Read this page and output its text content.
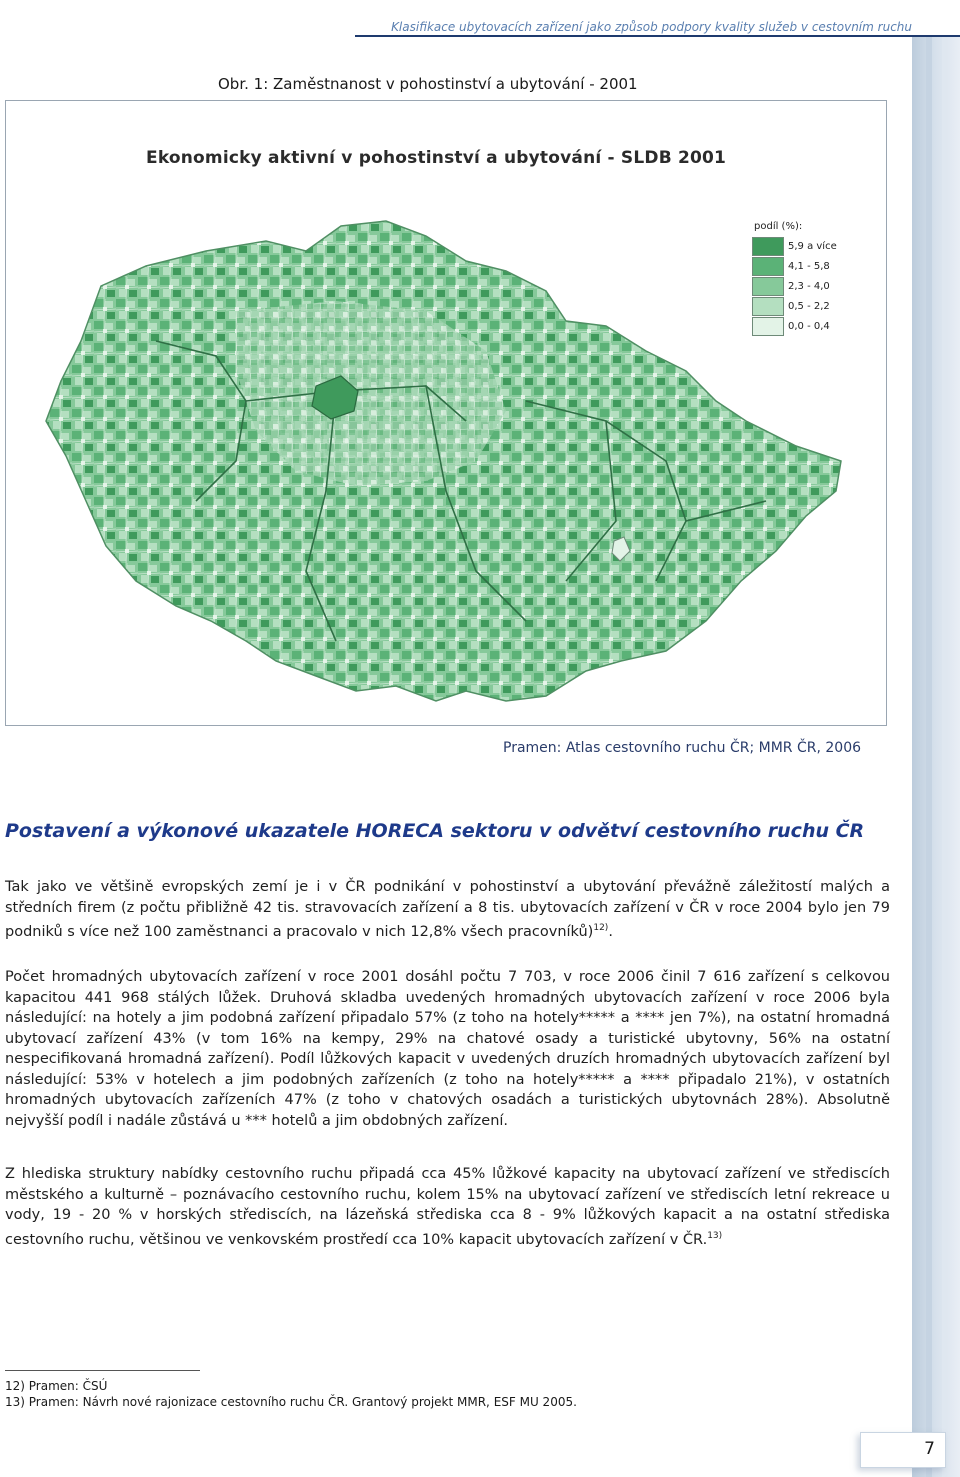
Klasifikace ubytovacích zařízení jako způsob podpory kvality služeb v cestovním ruchu
Obr. 1: Zaměstnanost v pohostinství a ubytování - 2001
Ekonomicky aktivní v pohostinství a ubytování - SLDB 2001
podíl (%):
5,9 a více
4,1 - 5,8
2,3 - 4,0
0,5 - 2,2
0,0 - 0,4
Pramen: Atlas cestovního ruchu ČR; MMR ČR, 2006
Postavení a výkonové ukazatele HORECA sektoru v odvětví cestovního ruchu ČR
Tak jako ve většině evropských zemí je i v ČR podnikání v pohostinství a ubytování převážně záležitostí malých a středních firem (z počtu přibližně 42 tis. stravovacích zařízení a 8 tis. ubytovacích zařízení v ČR v roce 2004 bylo jen 79 podniků s více než 100 zaměstnanci a pracovalo v nich 12,8% všech pracovníků)$^{12)}$.
Počet hromadných ubytovacích zařízení v roce 2001 dosáhl počtu 7 703, v roce 2006 činil 7 616 zařízení s celkovou kapacitou 441 968 stálých lůžek. Druhová skladba uvedených hromadných ubytovacích zařízení v roce 2006 byla následující: na hotely a jim podobná zařízení připadalo 57% (z toho na hotely***** a **** jen 7%), na ostatní hromadná ubytovací zařízení 43% (v tom 16% na kempy, 29% na chatové osady a turistické ubytovny, 56% na ostatní nespecifikovaná hromadná zařízení). Podíl lůžkových kapacit v uvedených druzích hromadných ubytovacích zařízení byl následující: 53% v hotelech a jim podobných zařízeních (z toho na hotely***** a **** připadalo 21%), v ostatních hromadných ubytovacích zařízeních 47% (z toho v chatových osadách a turistických ubytovnách 28%). Absolutně nejvyšší podíl i nadále zůstává u *** hotelů a jim obdobných zařízení.
Z hlediska struktury nabídky cestovního ruchu připadá cca 45% lůžkové kapacity na ubytovací zařízení ve střediscích městského a kulturně – poznávacího cestovního ruchu, kolem 15% na ubytovací zařízení ve střediscích letní rekreace u vody, 19 - 20 % v horských střediscích, na lázeňská střediska cca 8 - 9% lůžkových kapacit a na ostatní střediska cestovního ruchu, většinou ve venkovském prostředí cca 10% kapacit ubytovacích zařízení v ČR.$^{13)}$
12) Pramen: ČSÚ
13) Pramen: Návrh nové rajonizace cestovního ruchu ČR. Grantový projekt MMR, ESF MU 2005.
7
